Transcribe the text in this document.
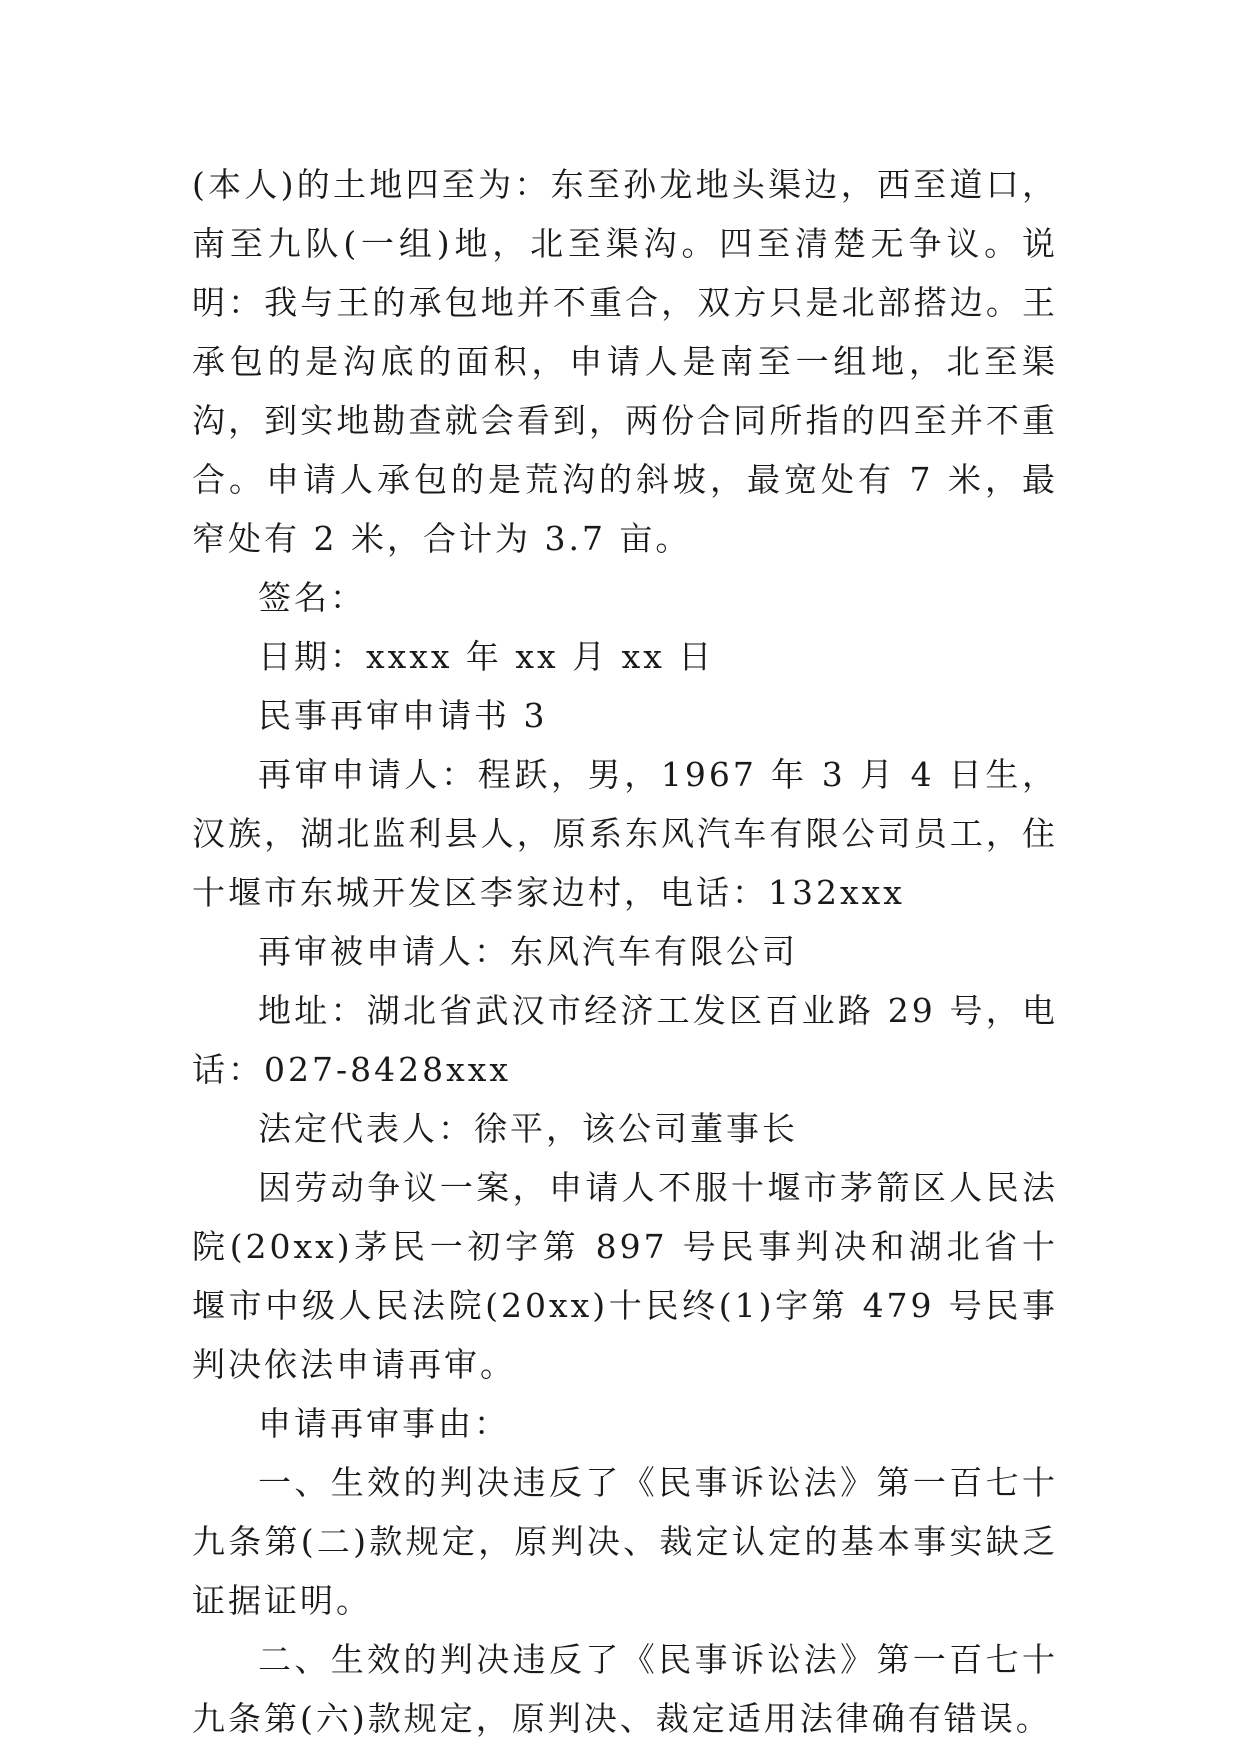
(本人)的土地四至为：东至孙龙地头渠边，西至道口，南至九队(一组)地，北至渠沟。四至清楚无争议。说明：我与王的承包地并不重合，双方只是北部搭边。王承包的是沟底的面积，申请人是南至一组地，北至渠沟，到实地勘查就会看到，两份合同所指的四至并不重合。申请人承包的是荒沟的斜坡，最宽处有 7 米，最窄处有 2 米，合计为 3.7 亩。

签名：

日期：xxxx 年 xx 月 xx 日

民事再审申请书 3

再审申请人：程跃，男，1967 年 3 月 4 日生，汉族，湖北监利县人，原系东风汽车有限公司员工，住十堰市东城开发区李家边村，电话：132xxx

再审被申请人：东风汽车有限公司

地址：湖北省武汉市经济工发区百业路 29 号，电话：027-8428xxx

法定代表人：徐平，该公司董事长

因劳动争议一案，申请人不服十堰市茅箭区人民法院(20xx)茅民一初字第 897 号民事判决和湖北省十堰市中级人民法院(20xx)十民终(1)字第 479 号民事判决依法申请再审。

申请再审事由：

一、生效的判决违反了《民事诉讼法》第一百七十九条第(二)款规定，原判决、裁定认定的基本事实缺乏证据证明。

二、生效的判决违反了《民事诉讼法》第一百七十九条第(六)款规定，原判决、裁定适用法律确有错误。
